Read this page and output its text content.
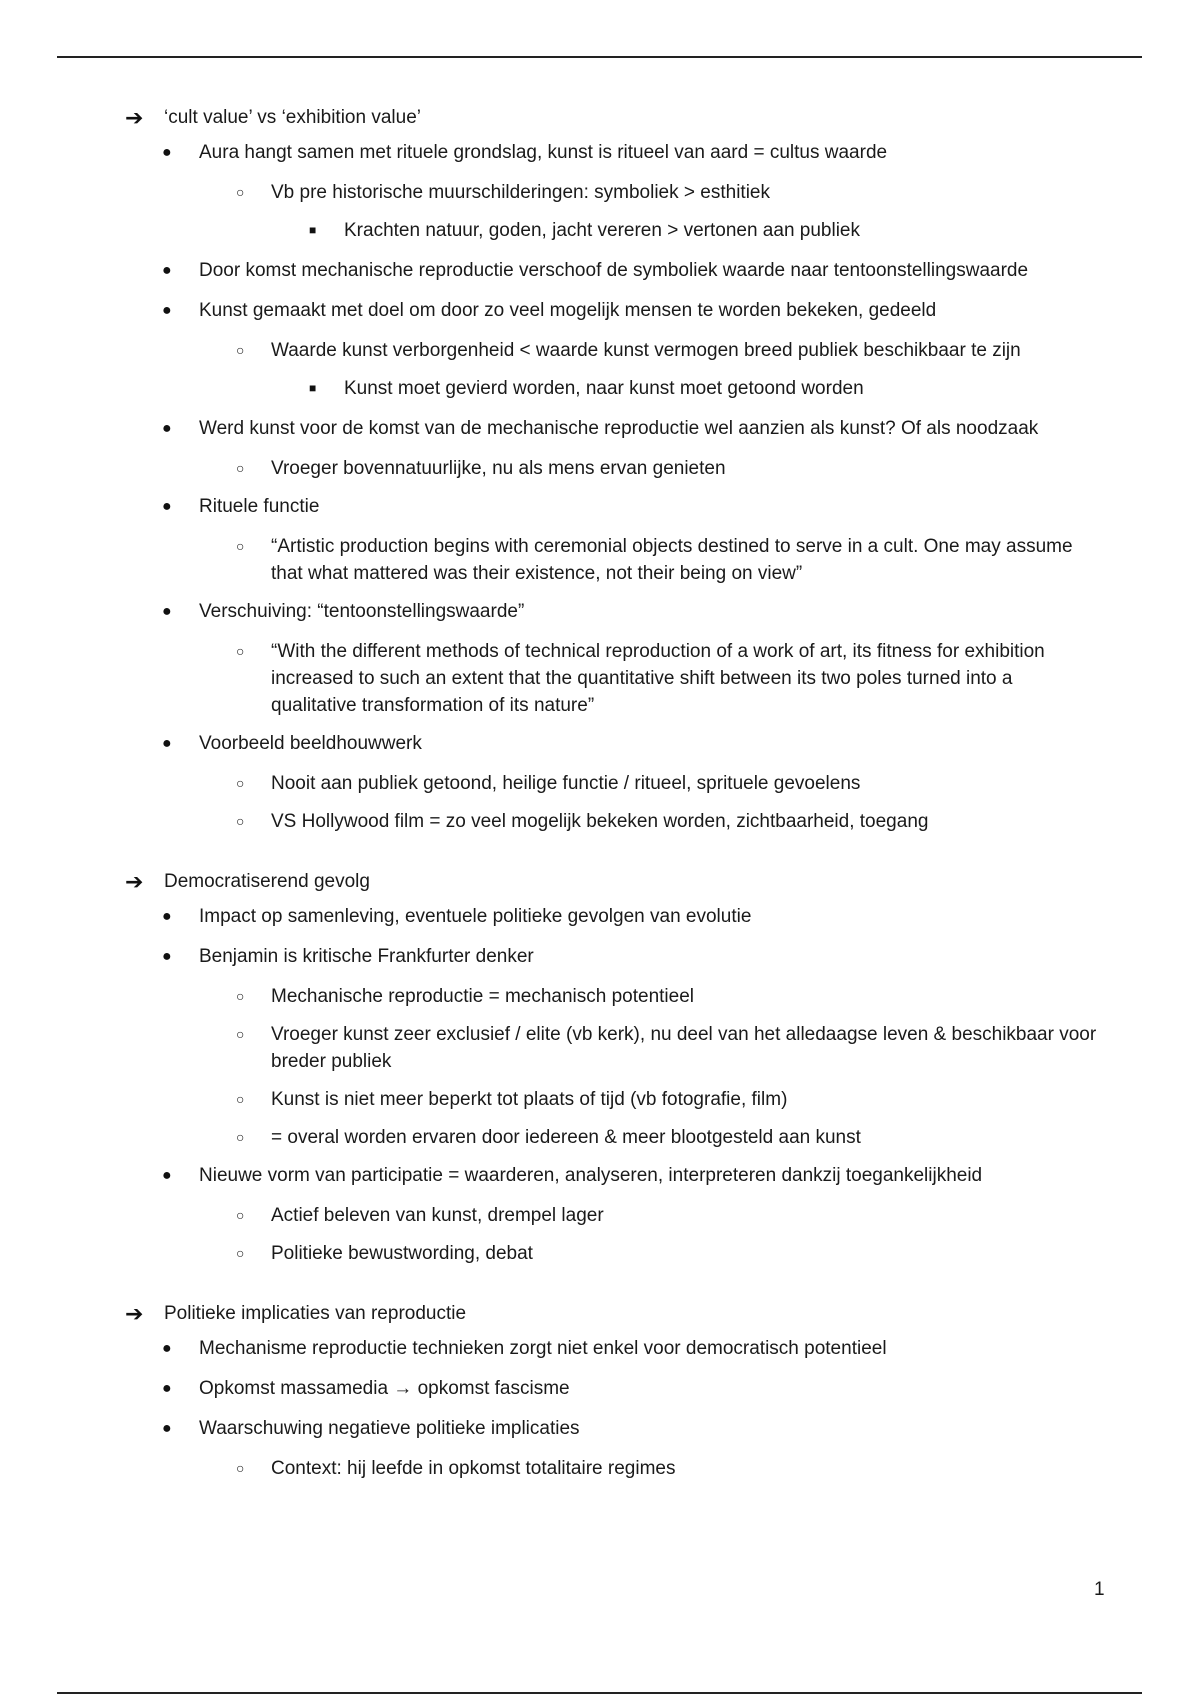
➔ ‘cult value’ vs ‘exhibition value’
● Aura hangt samen met rituele grondslag, kunst is ritueel van aard = cultus waarde
○ Vb pre historische muurschilderingen: symboliek > esthitiek
■ Krachten natuur, goden, jacht vereren > vertonen aan publiek
● Door komst mechanische reproductie verschoof de symboliek waarde naar tentoonstellingswaarde
● Kunst gemaakt met doel om door zo veel mogelijk mensen te worden bekeken, gedeeld
○ Waarde kunst verborgenheid < waarde kunst vermogen breed publiek beschikbaar te zijn
■ Kunst moet gevierd worden, naar kunst moet getoond worden
● Werd kunst voor de komst van de mechanische reproductie wel aanzien als kunst? Of als noodzaak
○ Vroeger bovennatuurlijke, nu als mens ervan genieten
● Rituele functie
○ “Artistic production begins with ceremonial objects destined to serve in a cult. One may assume that what mattered was their existence, not their being on view”
● Verschuiving: “tentoonstellingswaarde”
○ “With the different methods of technical reproduction of a work of art, its fitness for exhibition increased to such an extent that the quantitative shift between its two poles turned into a qualitative transformation of its nature”
● Voorbeeld beeldhouwwerk
○ Nooit aan publiek getoond, heilige functie / ritueel, sprituele gevoelens
○ VS Hollywood film = zo veel mogelijk bekeken worden, zichtbaarheid, toegang
➔ Democratiserend gevolg
● Impact op samenleving, eventuele politieke gevolgen van evolutie
● Benjamin is kritische Frankfurter denker
○ Mechanische reproductie = mechanisch potentieel
○ Vroeger kunst zeer exclusief / elite (vb kerk), nu deel van het alledaagse leven & beschikbaar voor breder publiek
○ Kunst is niet meer beperkt tot plaats of tijd (vb fotografie, film)
○ = overal worden ervaren door iedereen & meer blootgesteld aan kunst
● Nieuwe vorm van participatie = waarderen, analyseren, interpreteren dankzij toegankelijkheid
○ Actief beleven van kunst, drempel lager
○ Politieke bewustwording, debat
➔ Politieke implicaties van reproductie
● Mechanisme reproductie technieken zorgt niet enkel voor democratisch potentieel
● Opkomst massamedia → opkomst fascisme
● Waarschuwing negatieve politieke implicaties
○ Context: hij leefde in opkomst totalitaire regimes
1
